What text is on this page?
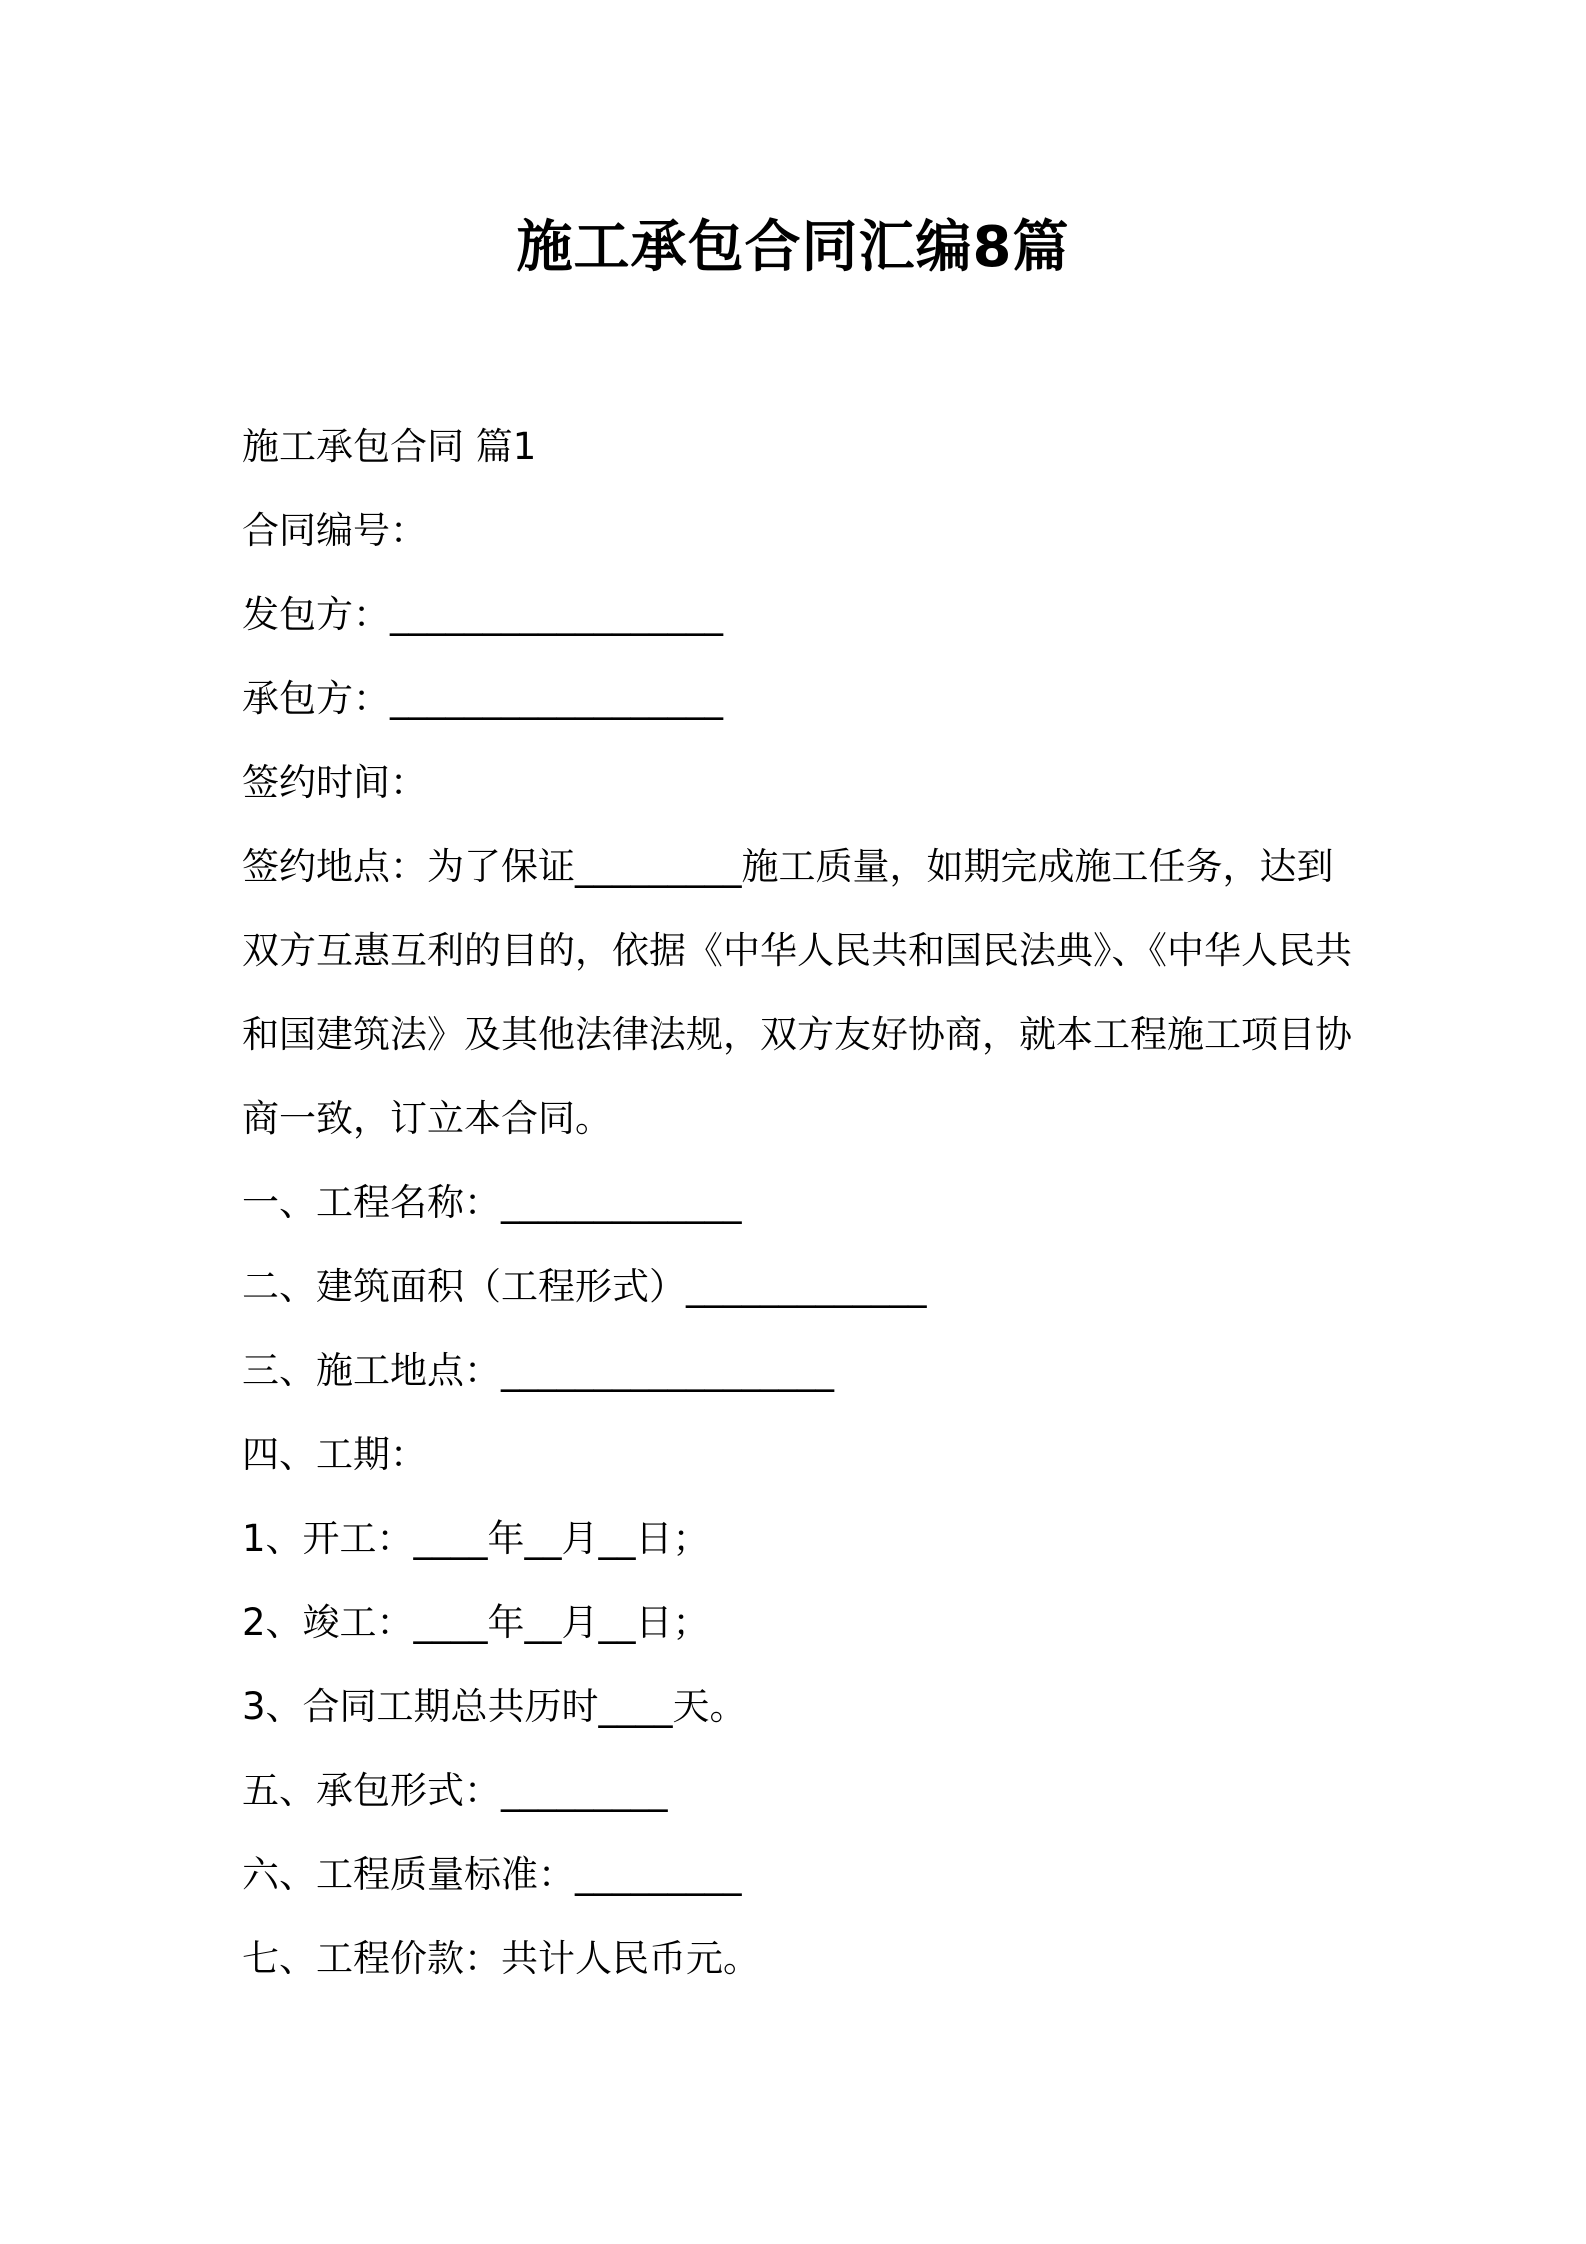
施工承包合同汇编8篇
施工承包合同 篇1
合同编号：
发包方：__________________
承包方：__________________
签约时间：
签约地点：为了保证_________施工质量，如期完成施工任务，达到
双方互惠互利的目的，依据《中华人民共和国民法典》、《中华人民共
和国建筑法》及其他法律法规，双方友好协商，就本工程施工项目协
商一致，订立本合同。
一、工程名称：_____________
二、建筑面积（工程形式）_____________
三、施工地点：__________________
四、工期：
1、开工：____年__月__日；
2、竣工：____年__月__日；
3、合同工期总共历时____天。
五、承包形式：_________
六、工程质量标准：_________
七、工程价款：共计人民币元。
